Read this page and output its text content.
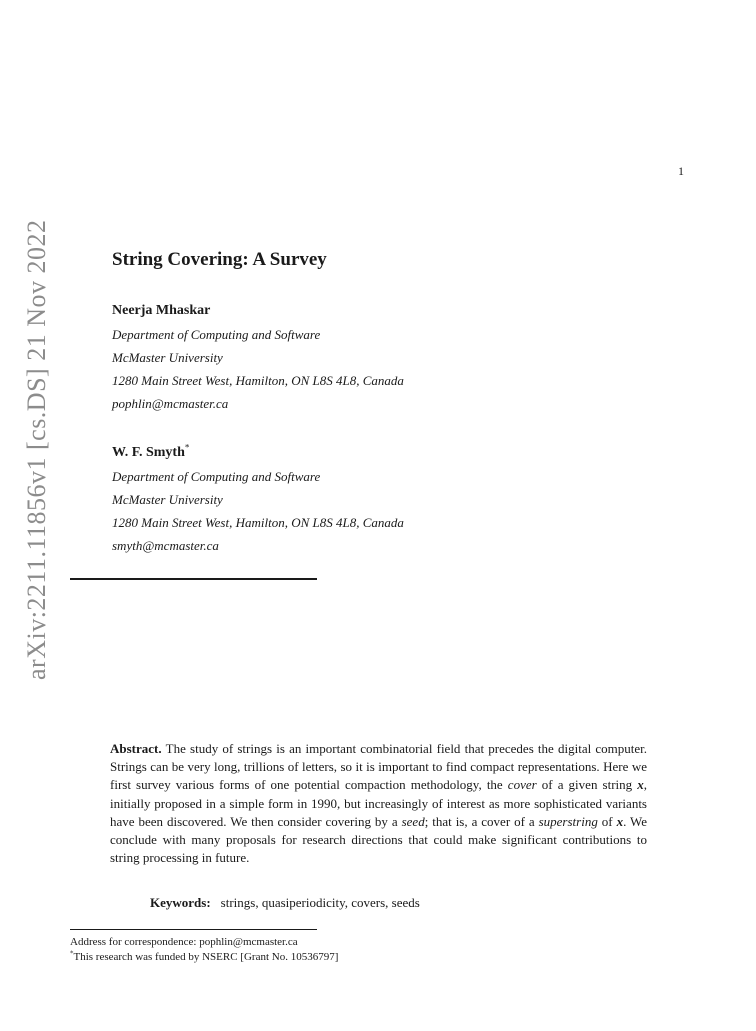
1
arXiv:2211.11856v1 [cs.DS] 21 Nov 2022	String Covering: A Survey
Neerja Mhaskar
Department of Computing and Software
McMaster University
1280 Main Street West, Hamilton, ON L8S 4L8, Canada
pophlin@mcmaster.ca
W. F. Smyth*
Department of Computing and Software
McMaster University
1280 Main Street West, Hamilton, ON L8S 4L8, Canada
smyth@mcmaster.ca

Abstract. The study of strings is an important combinatorial field that precedes the digital computer. Strings can be very long, trillions of letters, so it is important to find compact representations. Here we first survey various forms of one potential compaction methodology, the cover of a given string x, initially proposed in a simple form in 1990, but increasingly of interest as more sophisticated variants have been discovered. We then consider covering by a seed; that is, a cover of a superstring of x. We conclude with many proposals for research directions that could make significant contributions to string processing in future.

Keywords: strings, quasiperiodicity, covers, seeds
Address for correspondence: pophlin@mcmaster.ca
*This research was funded by NSERC [Grant No. 10536797]
